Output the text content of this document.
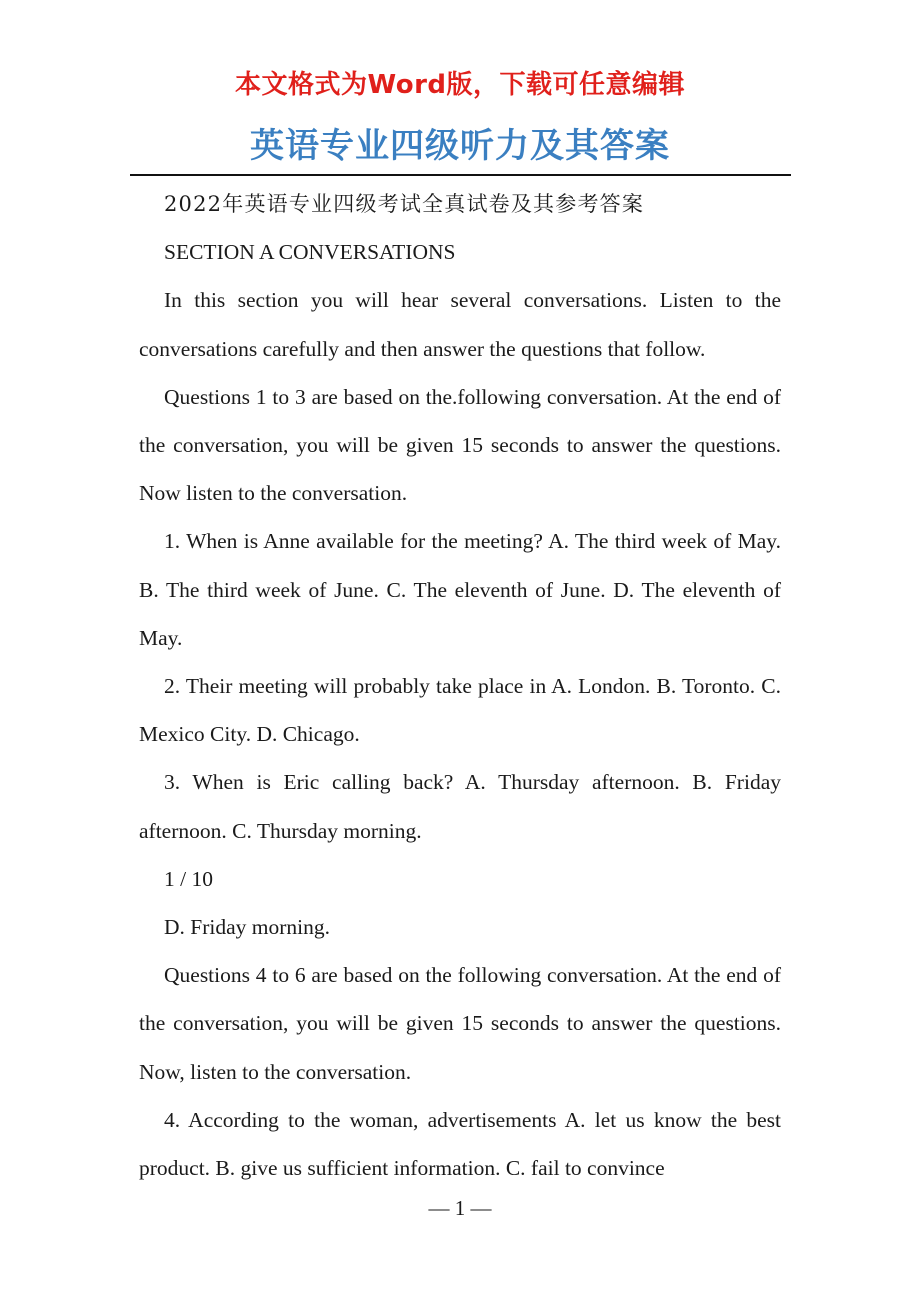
本文格式为Word版，下载可任意编辑
英语专业四级听力及其答案

2022年英语专业四级考试全真试卷及其参考答案

SECTION A CONVERSATIONS

In this section you will hear several conversations. Listen to the conversations carefully and then answer the questions that follow.

Questions 1 to 3 are based on the.following conversation. At the end of the conversation, you will be given 15 seconds to answer the questions. Now listen to the conversation.

1. When is Anne available for the meeting? A. The third week of May. B. The third week of June. C. The eleventh of June. D. The eleventh of May.

2. Their meeting will probably take place in A. London. B. Toronto. C. Mexico City. D. Chicago.

3. When is Eric calling back? A. Thursday afternoon. B. Friday afternoon. C. Thursday morning.

1 / 10

D. Friday morning.

Questions 4 to 6 are based on the following conversation. At the end of the conversation, you will be given 15 seconds to answer the questions. Now, listen to the conversation.

4. According to the woman, advertisements A. let us know the best product. B. give us sufficient information. C. fail to convince

— 1 —
